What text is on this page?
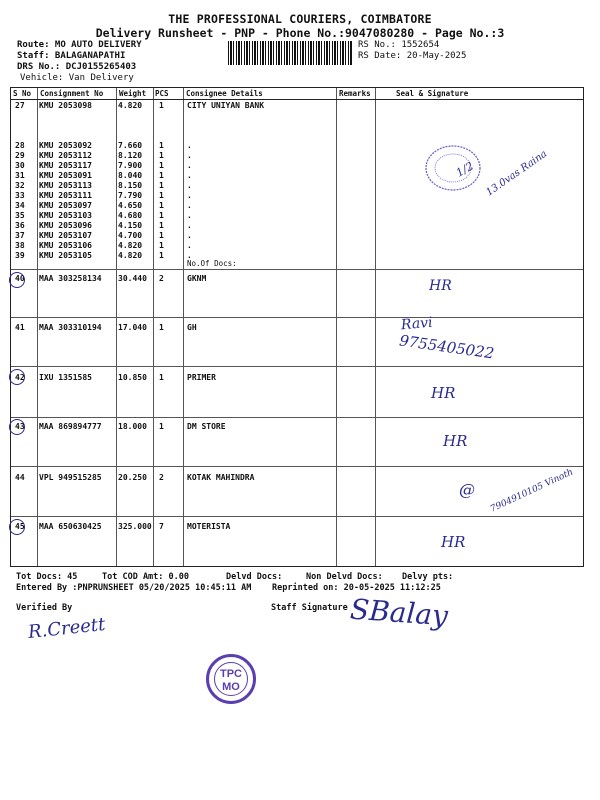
THE PROFESSIONAL COURIERS, COIMBATORE
Delivery Runsheet - PNP - Phone No.:9047080280 - Page No.:3
Route: MO AUTO DELIVERY
Staff: BALAGANAPATHI
DRS No.: DCJ0155265403
Vehicle: Van Delivery
RS No.: 1552654
RS Date: 20-May-2025
S No Consignment No Weight PCS Consignee Details	Remarks	Seal & Signature
27 KMU 2053098	4.820 1	CITY UNIYAN BANK
28 KMU 2053092	7.660 1	.
29 KMU 2053112	8.120 1	.
30 KMU 2053117	7.900 1	.
31 KMU 2053091	8.040 1	.
32 KMU 2053113	8.150 1	.
33 KMU 2053111	7.790 1	.
34 KMU 2053097	4.650 1	.
35 KMU 2053103	4.680 1	.
36 KMU 2053096	4.150 1	.
37 KMU 2053107	4.700 1	.
38 KMU 2053106	4.820 1	.
39 KMU 2053105	4.820 1	.
40 MAA 303258134 30.440 2	GKNM
41 MAA 303310194 17.040 1	GH
42 IXU 1351585	10.850 1	PRIMER
43 MAA 869894777 18.000 1	DM STORE
44 VPL 949515285 20.250 2	KOTAK MAHINDRA
45 MAA 650630425 325.000 7	MOTERISTA
No.Of Docs:
1/2 13.0vas Raina
HR
Ravi
9755405022
HR
HR
@ 7904910105 Vinoth
HR
Tot Docs: 45	Tot COD Amt: 0.00	Delvd Docs:	Non Delvd Docs: Delvy pts:
Entered By :PNPRUNSHEET 05/20/2025 10:45:11 AM Reprinted on: 20-05-2025 11:12:25
Verified By	Staff Signature
R.Creett	SBalay
TPC
MO
